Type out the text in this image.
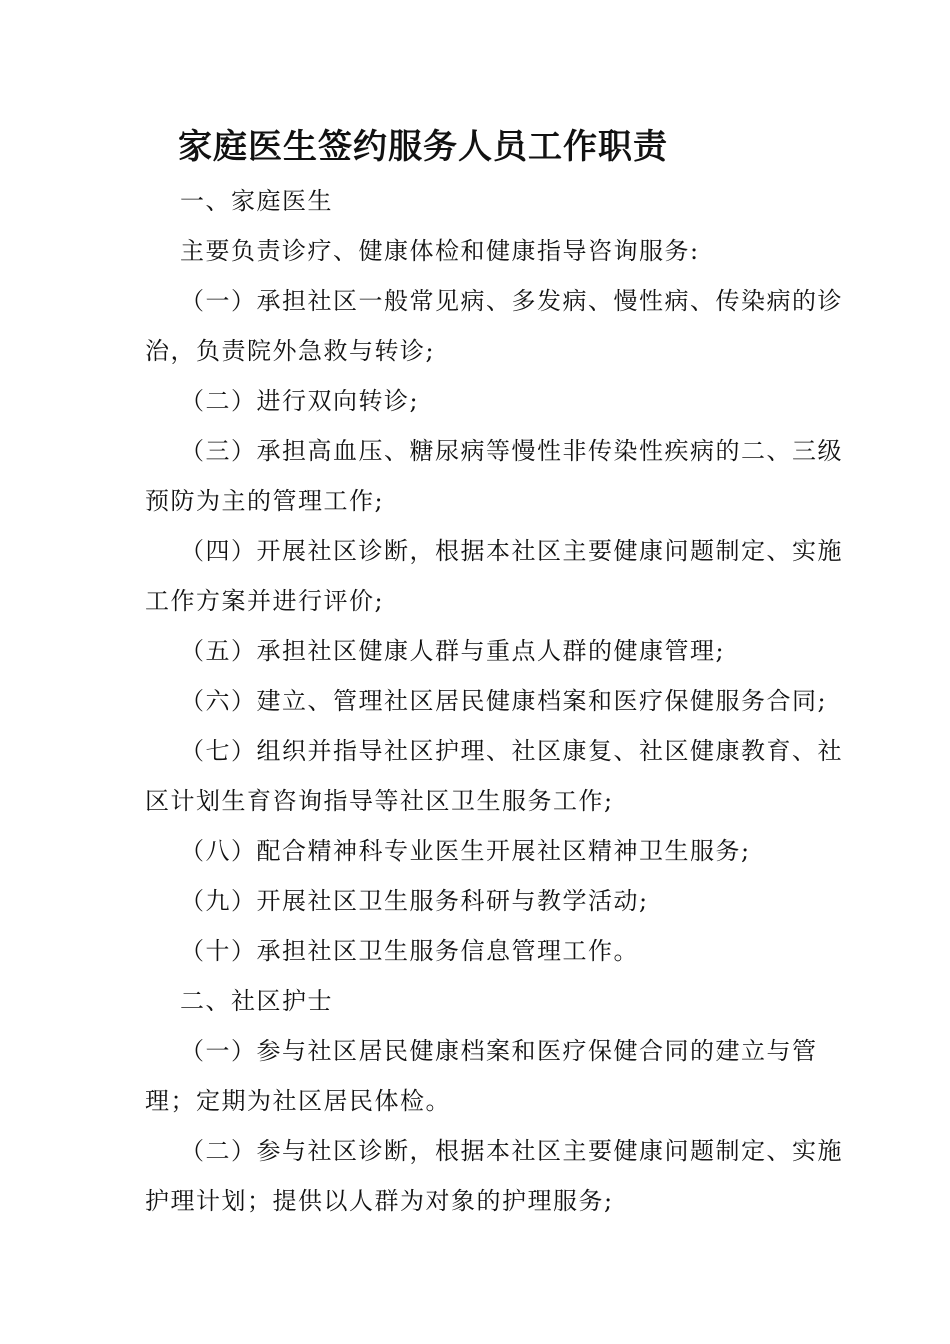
家庭医生签约服务人员工作职责
一、家庭医生
主要负责诊疗、健康体检和健康指导咨询服务:
（一）承担社区一般常见病、多发病、慢性病、传染病的诊
治，负责院外急救与转诊;
（二）进行双向转诊;
（三）承担高血压、糖尿病等慢性非传染性疾病的二、三级
预防为主的管理工作;
（四）开展社区诊断，根据本社区主要健康问题制定、实施
工作方案并进行评价;
（五）承担社区健康人群与重点人群的健康管理;
（六）建立、管理社区居民健康档案和医疗保健服务合同;
（七）组织并指导社区护理、社区康复、社区健康教育、社
区计划生育咨询指导等社区卫生服务工作;
（八）配合精神科专业医生开展社区精神卫生服务;
（九）开展社区卫生服务科研与教学活动;
（十）承担社区卫生服务信息管理工作。
二、社区护士
（一）参与社区居民健康档案和医疗保健合同的建立与管
理；定期为社区居民体检。
（二）参与社区诊断，根据本社区主要健康问题制定、实施
护理计划；提供以人群为对象的护理服务;
